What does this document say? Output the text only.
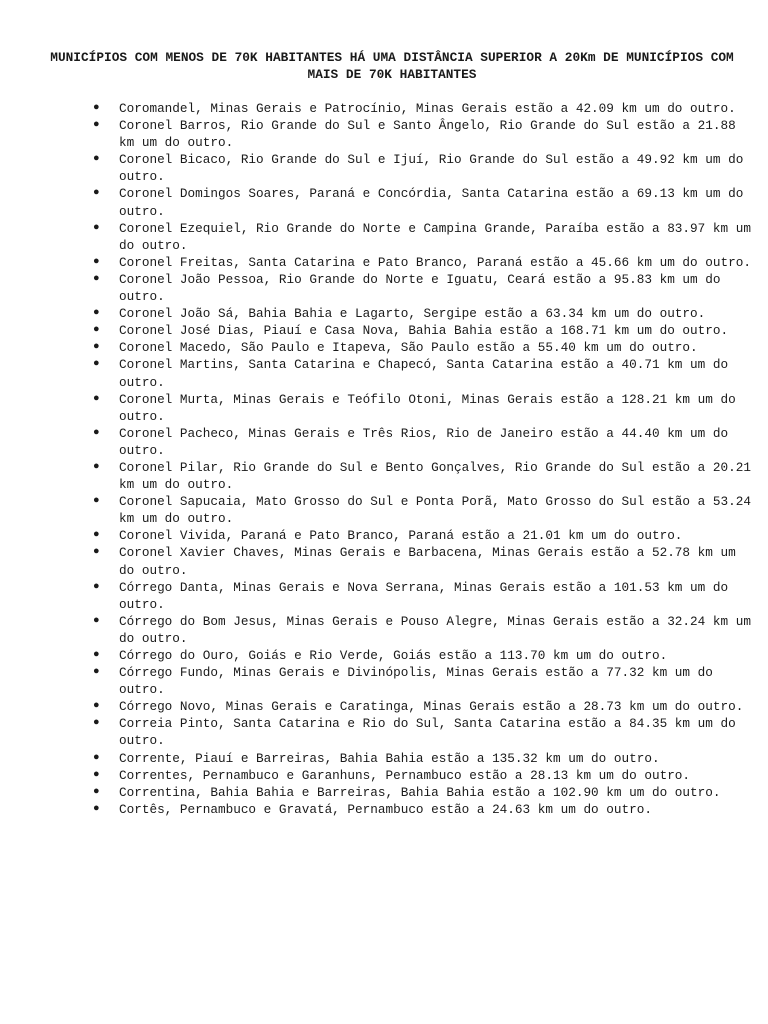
MUNICÍPIOS COM MENOS DE 70K HABITANTES HÁ UMA DISTÂNCIA SUPERIOR A 20Km DE MUNICÍPIOS COM MAIS DE 70K HABITANTES
● Coromandel, Minas Gerais e Patrocínio, Minas Gerais estão a 42.09 km um do outro.
● Coronel Barros, Rio Grande do Sul e Santo Ângelo, Rio Grande do Sul estão a 21.88 km um do outro.
● Coronel Bicaco, Rio Grande do Sul e Ijuí, Rio Grande do Sul estão a 49.92 km um do outro.
● Coronel Domingos Soares, Paraná e Concórdia, Santa Catarina estão a 69.13 km um do outro.
● Coronel Ezequiel, Rio Grande do Norte e Campina Grande, Paraíba estão a 83.97 km um do outro.
● Coronel Freitas, Santa Catarina e Pato Branco, Paraná estão a 45.66 km um do outro.
● Coronel João Pessoa, Rio Grande do Norte e Iguatu, Ceará estão a 95.83 km um do outro.
● Coronel João Sá, Bahia Bahia e Lagarto, Sergipe estão a 63.34 km um do outro.
● Coronel José Dias, Piauí e Casa Nova, Bahia Bahia estão a 168.71 km um do outro.
● Coronel Macedo, São Paulo e Itapeva, São Paulo estão a 55.40 km um do outro.
● Coronel Martins, Santa Catarina e Chapecó, Santa Catarina estão a 40.71 km um do outro.
● Coronel Murta, Minas Gerais e Teófilo Otoni, Minas Gerais estão a 128.21 km um do outro.
● Coronel Pacheco, Minas Gerais e Três Rios, Rio de Janeiro estão a 44.40 km um do outro.
● Coronel Pilar, Rio Grande do Sul e Bento Gonçalves, Rio Grande do Sul estão a 20.21 km um do outro.
● Coronel Sapucaia, Mato Grosso do Sul e Ponta Porã, Mato Grosso do Sul estão a 53.24 km um do outro.
● Coronel Vivida, Paraná e Pato Branco, Paraná estão a 21.01 km um do outro.
● Coronel Xavier Chaves, Minas Gerais e Barbacena, Minas Gerais estão a 52.78 km um do outro.
● Córrego Danta, Minas Gerais e Nova Serrana, Minas Gerais estão a 101.53 km um do outro.
● Córrego do Bom Jesus, Minas Gerais e Pouso Alegre, Minas Gerais estão a 32.24 km um do outro.
● Córrego do Ouro, Goiás e Rio Verde, Goiás estão a 113.70 km um do outro.
● Córrego Fundo, Minas Gerais e Divinópolis, Minas Gerais estão a 77.32 km um do outro.
● Córrego Novo, Minas Gerais e Caratinga, Minas Gerais estão a 28.73 km um do outro.
● Correia Pinto, Santa Catarina e Rio do Sul, Santa Catarina estão a 84.35 km um do outro.
● Corrente, Piauí e Barreiras, Bahia Bahia estão a 135.32 km um do outro.
● Correntes, Pernambuco e Garanhuns, Pernambuco estão a 28.13 km um do outro.
● Correntina, Bahia Bahia e Barreiras, Bahia Bahia estão a 102.90 km um do outro.
● Cortês, Pernambuco e Gravatá, Pernambuco estão a 24.63 km um do outro.
